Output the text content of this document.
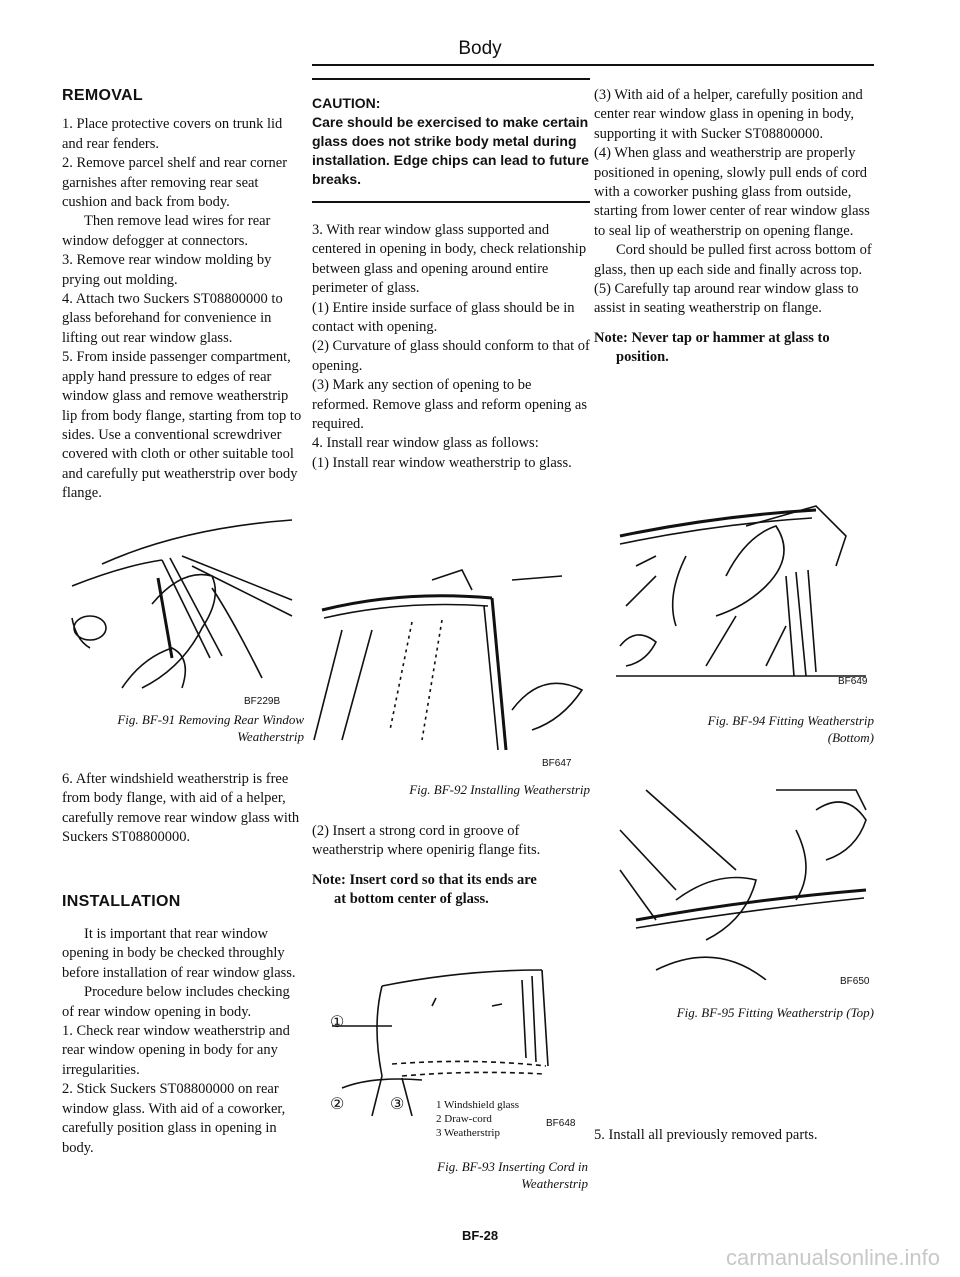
Body

REMOVAL

1. Place protective covers on trunk lid and rear fenders.

2. Remove parcel shelf and rear corner garnishes after removing rear seat cushion and back from body.

Then remove lead wires for rear window defogger at connectors.

3. Remove rear window molding by prying out molding.

4. Attach two Suckers ST08800000 to glass beforehand for convenience in lifting out rear window glass.

5. From inside passenger compartment, apply hand pressure to edges of rear window glass and remove weatherstrip lip from body flange, starting from top to sides. Use a conventional screwdriver covered with cloth or other suitable tool and carefully put weatherstrip over body flange.

BF229B
Fig. BF-91 Removing Rear Window
Weatherstrip

6. After windshield weatherstrip is free from body flange, with aid of a helper, carefully remove rear window glass with Suckers ST08800000.

INSTALLATION

It is important that rear window opening in body be checked throughly before installation of rear window glass.

Procedure below includes checking of rear window opening in body.

1. Check rear window weatherstrip and rear window opening in body for any irregularities.

2. Stick Suckers ST08800000 on rear window glass. With aid of a coworker, carefully position glass in opening in body.

CAUTION:
Care should be exercised to make certain glass does not strike body metal during installation. Edge chips can lead to future breaks.

3. With rear window glass supported and centered in opening in body, check relationship between glass and opening around entire perimeter of glass.

(1) Entire inside surface of glass should be in contact with opening.

(2) Curvature of glass should conform to that of opening.

(3) Mark any section of opening to be reformed. Remove glass and reform opening as required.

4. Install rear window glass as follows:

(1) Install rear window weatherstrip to glass.

BF647
Fig. BF-92 Installing Weatherstrip

(2) Insert a strong cord in groove of weatherstrip where openirig flange fits.

Note: Insert cord so that its ends are
at bottom center of glass.

①
②	③	1 Windshield glass
2 Draw-cord
3 Weatherstrip
BF648
Fig. BF-93 Inserting Cord in
Weatherstrip

(3) With aid of a helper, carefully position and center rear window glass in opening in body, supporting it with Sucker ST08800000.

(4) When glass and weatherstrip are properly positioned in opening, slowly pull ends of cord with a coworker pushing glass from outside, starting from lower center of rear window glass to seal lip of weatherstrip on opening flange.

Cord should be pulled first across bottom of glass, then up each side and finally across top.

(5) Carefully tap around rear window glass to assist in seating weatherstrip on flange.

Note: Never tap or hammer at glass to
position.

BF649
Fig. BF-94 Fitting Weatherstrip
(Bottom)
BF650
Fig. BF-95 Fitting Weatherstrip (Top)

5. Install all previously removed parts.

BF-28
carmanualsonline.info
